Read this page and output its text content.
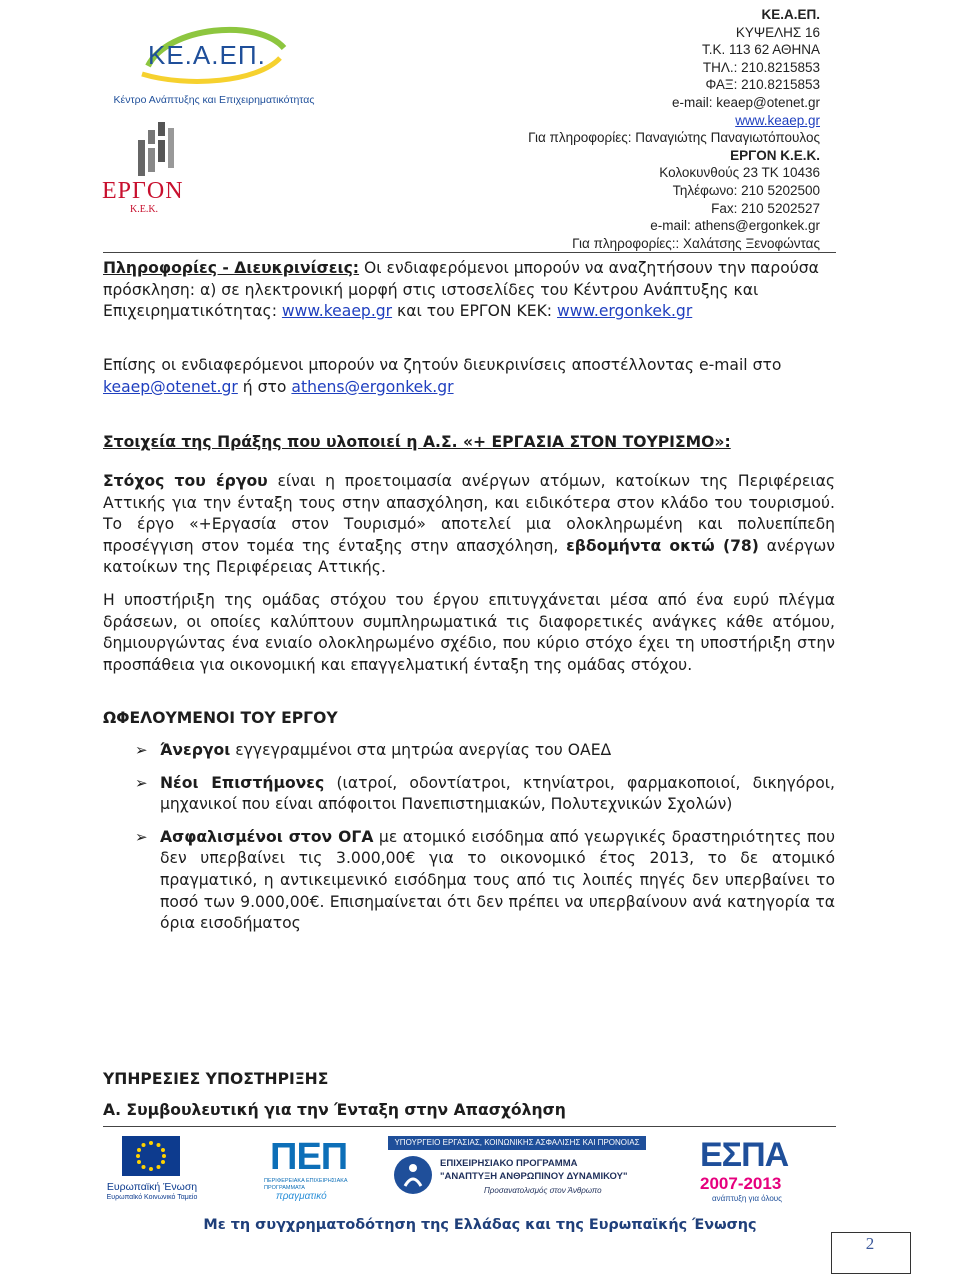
ΚΕ.Α.ΕΠ.
Κέντρο Ανάπτυξης και Επιχειρηματικότητας
ΕΡΓΟΝ
Κ.Ε.Κ.
ΚΕ.Α.ΕΠ.
ΚΥΨΕΛΗΣ 16
Τ.Κ. 113 62 ΑΘΗΝΑ
ΤΗΛ.: 210.8215853
ΦΑΞ: 210.8215853
e-mail: keaep@otenet.gr
www.keaep.gr
Για πληροφορίες: Παναγιώτης Παναγιωτόπουλος
ΕΡΓΟΝ Κ.Ε.Κ.
Κολοκυνθούς 23 ΤΚ 10436
Τηλέφωνο: 210 5202500
Fax: 210 5202527
e-mail: athens@ergonkek.gr
Για πληροφορίες:: Χαλάτσης Ξενοφώντας
Πληροφορίες - Διευκρινίσεις: Οι ενδιαφερόμενοι μπορούν να αναζητήσουν την παρούσα πρόσκληση: α) σε ηλεκτρονική μορφή στις ιστοσελίδες του Κέντρου Ανάπτυξης και Επιχειρηματικότητας: www.keaep.gr και του ΕΡΓΟΝ ΚΕΚ: www.ergonkek.gr
Επίσης οι ενδιαφερόμενοι μπορούν να ζητούν διευκρινίσεις αποστέλλοντας e-mail στο keaep@otenet.gr ή στο athens@ergonkek.gr
Στοιχεία της Πράξης που υλοποιεί η Α.Σ. «+ ΕΡΓΑΣΙΑ ΣΤΟΝ ΤΟΥΡΙΣΜΟ»:
Στόχος του έργου είναι η προετοιμασία ανέργων ατόμων, κατοίκων της Περιφέρειας Αττικής για την ένταξη τους στην απασχόληση, και ειδικότερα στον κλάδο του τουρισμού. Το έργο «+Εργασία στον Τουρισμό» αποτελεί μια ολοκληρωμένη και πολυεπίπεδη προσέγγιση στον τομέα της ένταξης στην απασχόληση, εβδομήντα οκτώ (78) ανέργων κατοίκων της Περιφέρειας Αττικής.
Η υποστήριξη της ομάδας στόχου του έργου επιτυγχάνεται μέσα από ένα ευρύ πλέγμα δράσεων, οι οποίες καλύπτουν συμπληρωματικά τις διαφορετικές ανάγκες κάθε ατόμου, δημιουργώντας ένα ενιαίο ολοκληρωμένο σχέδιο, που κύριο στόχο έχει τη υποστήριξη στην προσπάθεια για οικονομική και επαγγελματική ένταξη της ομάδας στόχου.
ΩΦΕΛΟΥΜΕΝΟΙ ΤΟΥ ΕΡΓΟΥ
➢ Άνεργοι εγγεγραμμένοι στα μητρώα ανεργίας του ΟΑΕΔ
➢ Νέοι Επιστήμονες (ιατροί, οδοντίατροι, κτηνίατροι, φαρμακοποιοί, δικηγόροι, μηχανικοί που είναι απόφοιτοι Πανεπιστημιακών, Πολυτεχνικών Σχολών)
➢ Ασφαλισμένοι στον ΟΓΑ με ατομικό εισόδημα από γεωργικές δραστηριότητες που δεν υπερβαίνει τις 3.000,00€ για το οικονομικό έτος 2013, το δε ατομικό πραγματικό, η αντικειμενικό εισόδημα τους από τις λοιπές πηγές δεν υπερβαίνει το ποσό των 9.000,00€. Επισημαίνεται ότι δεν πρέπει να υπερβαίνουν ανά κατηγορία τα όρια εισοδήματος
ΥΠΗΡΕΣΙΕΣ ΥΠΟΣΤΗΡΙΞΗΣ
Α. Συμβουλευτική για την Ένταξη στην Απασχόληση
Ευρωπαϊκή Ένωση
Ευρωπαϊκό Κοινωνικό Ταμείο
ΠΕΠ
ΠΕΡΙΦΕΡΕΙΑΚΑ ΕΠΙΧΕΙΡΗΣΙΑΚΑ ΠΡΟΓΡΑΜΜΑΤΑ
πραγματικό
ΥΠΟΥΡΓΕΙΟ ΕΡΓΑΣΙΑΣ, ΚΟΙΝΩΝΙΚΗΣ ΑΣΦΑΛΙΣΗΣ ΚΑΙ ΠΡΟΝΟΙΑΣ
ΕΠΙΧΕΙΡΗΣΙΑΚΟ ΠΡΟΓΡΑΜΜΑ
"ΑΝΑΠΤΥΞΗ ΑΝΘΡΩΠΙΝΟΥ ΔΥΝΑΜΙΚΟΥ"
Προσανατολισμός στον Άνθρωπο
ΕΣΠΑ
2007-2013
ανάπτυξη για όλους
Με τη συγχρηματοδότηση της Ελλάδας και της Ευρωπαϊκής Ένωσης
2
